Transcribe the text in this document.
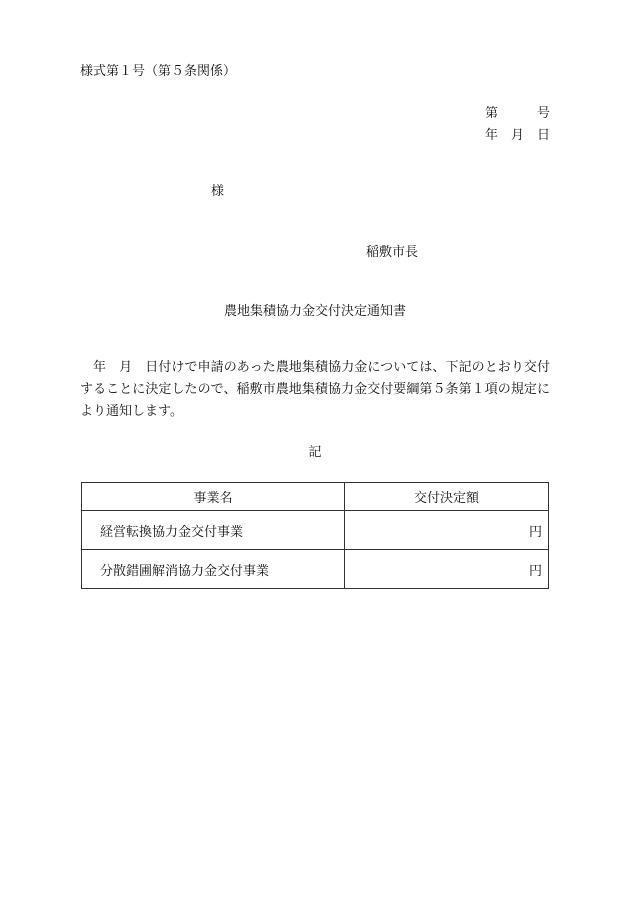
様式第１号（第５条関係）
第　　　号
年　月　日
様
稲敷市長
農地集積協力金交付決定通知書
年　月　日付けで申請のあった農地集積協力金については、下記のとおり交付することに決定したので、稲敷市農地集積協力金交付要綱第５条第１項の規定により通知します。
記
事業名	交付決定額
経営転換協力金交付事業	円
分散錯圃解消協力金交付事業	円
